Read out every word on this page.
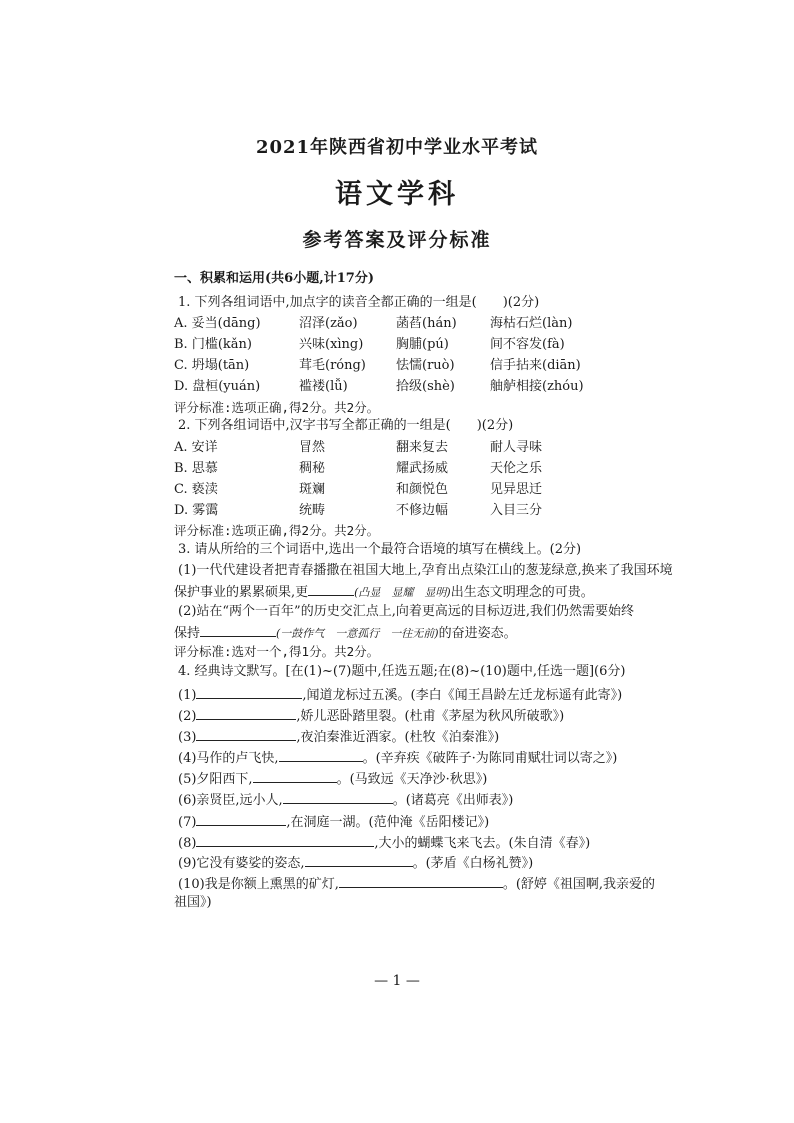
2021年陕西省初中学业水平考试
语文学科
参考答案及评分标准
一、积累和运用(共6小题,计17分)
1. 下列各组词语中,加点字的读音全都正确的一组是(　　)(2分)
A. 妥当(dāng)	沼泽(zǎo)	菡萏(hán)	海枯石烂(làn)
B. 门槛(kǎn)	兴味(xìng)	胸脯(pú)	间不容发(fà)
C. 坍塌(tān)	茸毛(róng) 怯懦(ruò)	信手拈来(diān)
D. 盘桓(yuán)	褴褛(lǚ)	拾级(shè)	舳舻相接(zhóu)
评分标准:选项正确,得2分。共2分。
2. 下列各组词语中,汉字书写全都正确的一组是(　　)(2分)
A. 安详	冒然	翻来复去	耐人寻味
B. 思慕	稠秘	耀武扬威	天伦之乐
C. 亵渎	斑斓	和颜悦色	见异思迁
D. 雾霭	统畴	不修边幅	入目三分
评分标准:选项正确,得2分。共2分。
3. 请从所给的三个词语中,选出一个最符合语境的填写在横线上。(2分)
(1)一代代建设者把青春播撒在祖国大地上,孕育出点染江山的葱茏绿意,换来了我国环境
保护事业的累累硕果,更	(凸显　显耀　显明)出生态文明理念的可贵。
(2)站在“两个一百年”的历史交汇点上,向着更高远的目标迈进,我们仍然需要始终
保持	(一鼓作气　一意孤行　一往无前)的奋进姿态。
评分标准:选对一个,得1分。共2分。
4. 经典诗文默写。[在(1)~(7)题中,任选五题;在(8)~(10)题中,任选一题](6分)
(1)	,闻道龙标过五溪。(李白《闻王昌龄左迁龙标遥有此寄》)
(2)	,娇儿恶卧踏里裂。(杜甫《茅屋为秋风所破歌》)
(3)	,夜泊秦淮近酒家。(杜牧《泊秦淮》)
(4)马作的卢飞快,	。(辛弃疾《破阵子·为陈同甫赋壮词以寄之》)
(5)夕阳西下,	。(马致远《天净沙·秋思》)
(6)亲贤臣,远小人,	。(诸葛亮《出师表》)
(7)	,在洞庭一湖。(范仲淹《岳阳楼记》)
(8)	,大小的蝴蝶飞来飞去。(朱自清《春》)
(9)它没有婆娑的姿态,	。(茅盾《白杨礼赞》)
(10)我是你额上熏黑的矿灯,	。(舒婷《祖国啊,我亲爱的
祖国》)
— 1 —
